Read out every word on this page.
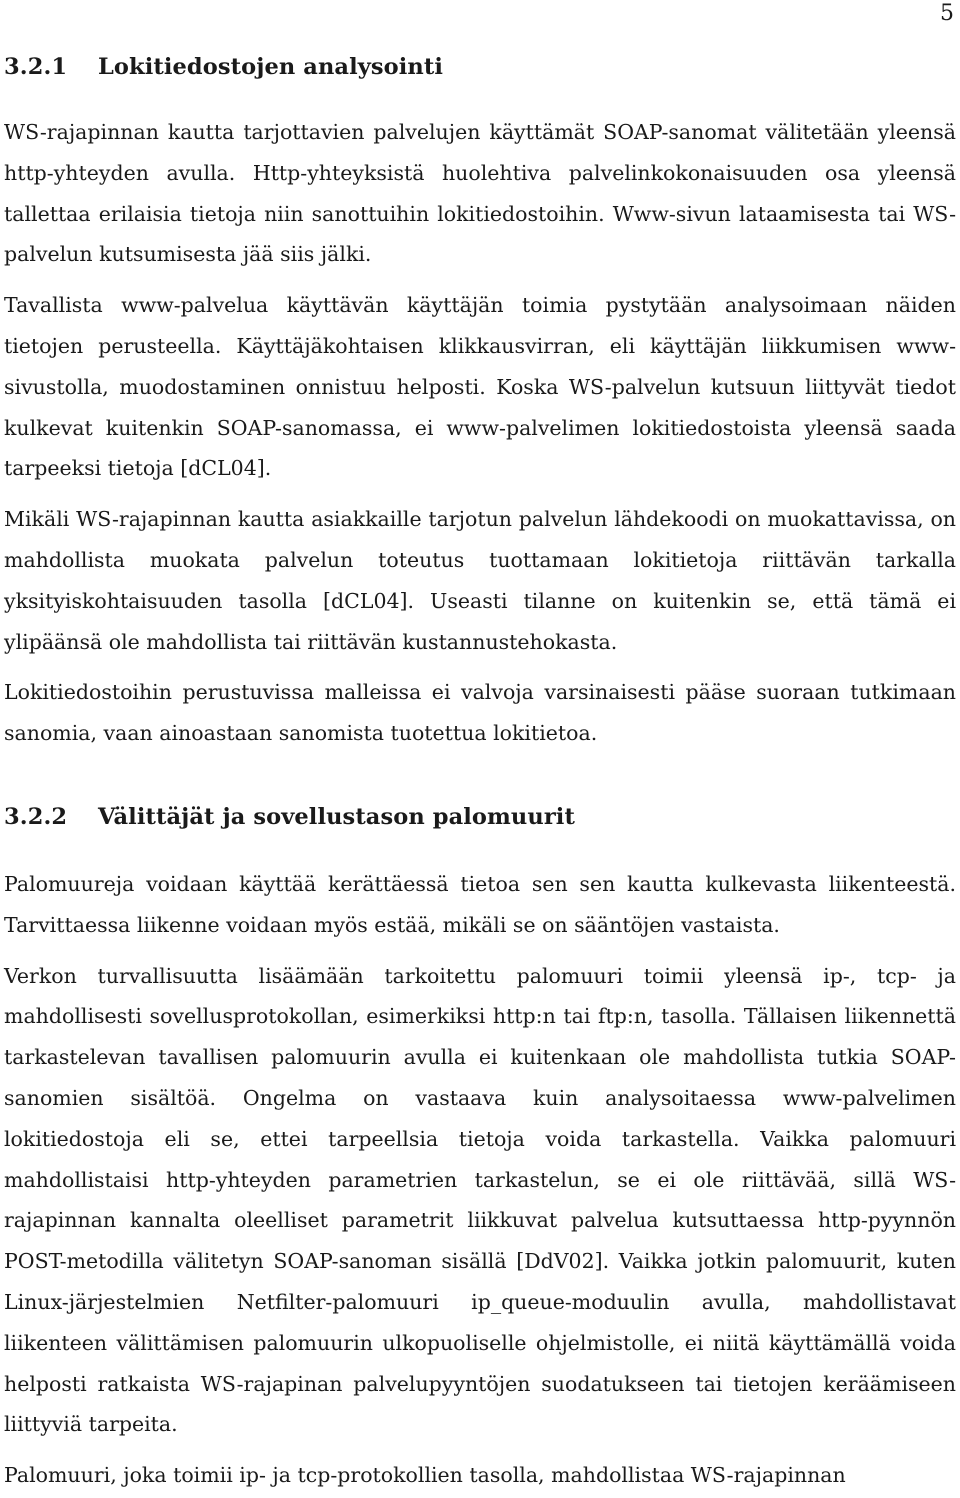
5
3.2.1 Lokitiedostojen analysointi

WS-rajapinnan kautta tarjottavien palvelujen käyttämät SOAP-sanomat välitetään yleensä http-yhteyden avulla. Http-yhteyksistä huolehtiva palvelinkokonaisuuden osa yleensä tallettaa erilaisia tietoja niin sanottuihin lokitiedostoihin. Www-sivun lataamisesta tai WS-palvelun kutsumisesta jää siis jälki.

Tavallista www-palvelua käyttävän käyttäjän toimia pystytään analysoimaan näiden tietojen perusteella. Käyttäjäkohtaisen klikkausvirran, eli käyttäjän liikkumisen www-sivustolla, muodostaminen onnistuu helposti. Koska WS-palvelun kutsuun liittyvät tiedot kulkevat kuitenkin SOAP-sanomassa, ei www-palvelimen lokitiedostoista yleensä saada tarpeeksi tietoja [dCL04].

Mikäli WS-rajapinnan kautta asiakkaille tarjotun palvelun lähdekoodi on muokattavissa, on mahdollista muokata palvelun toteutus tuottamaan lokitietoja riittävän tarkalla yksityiskohtaisuuden tasolla [dCL04]. Useasti tilanne on kuitenkin se, että tämä ei ylipäänsä ole mahdollista tai riittävän kustannustehokasta.

Lokitiedostoihin perustuvissa malleissa ei valvoja varsinaisesti pääse suoraan tutkimaan sanomia, vaan ainoastaan sanomista tuotettua lokitietoa.

3.2.2 Välittäjät ja sovellustason palomuurit

Palomuureja voidaan käyttää kerättäessä tietoa sen sen kautta kulkevasta liikenteestä. Tarvittaessa liikenne voidaan myös estää, mikäli se on sääntöjen vastaista.

Verkon turvallisuutta lisäämään tarkoitettu palomuuri toimii yleensä ip-, tcp- ja mahdollisesti sovellusprotokollan, esimerkiksi http:n tai ftp:n, tasolla. Tällaisen liikennettä tarkastelevan tavallisen palomuurin avulla ei kuitenkaan ole mahdollista tutkia SOAP-sanomien sisältöä. Ongelma on vastaava kuin analysoitaessa www-palvelimen lokitiedostoja eli se, ettei tarpeellsia tietoja voida tarkastella. Vaikka palomuuri mahdollistaisi http-yhteyden parametrien tarkastelun, se ei ole riittävää, sillä WS-rajapinnan kannalta oleelliset parametrit liikkuvat palvelua kutsuttaessa http-pyynnön POST-metodilla välitetyn SOAP-sanoman sisällä [DdV02]. Vaikka jotkin palomuurit, kuten Linux-järjestelmien Netfilter-palomuuri ip_queue-moduulin avulla, mahdollistavat liikenteen välittämisen palomuurin ulkopuoliselle ohjelmistolle, ei niitä käyttämällä voida helposti ratkaista WS-rajapinan palvelupyyntöjen suodatukseen tai tietojen keräämiseen liittyviä tarpeita.

Palomuuri, joka toimii ip- ja tcp-protokollien tasolla, mahdollistaa WS-rajapinnan
